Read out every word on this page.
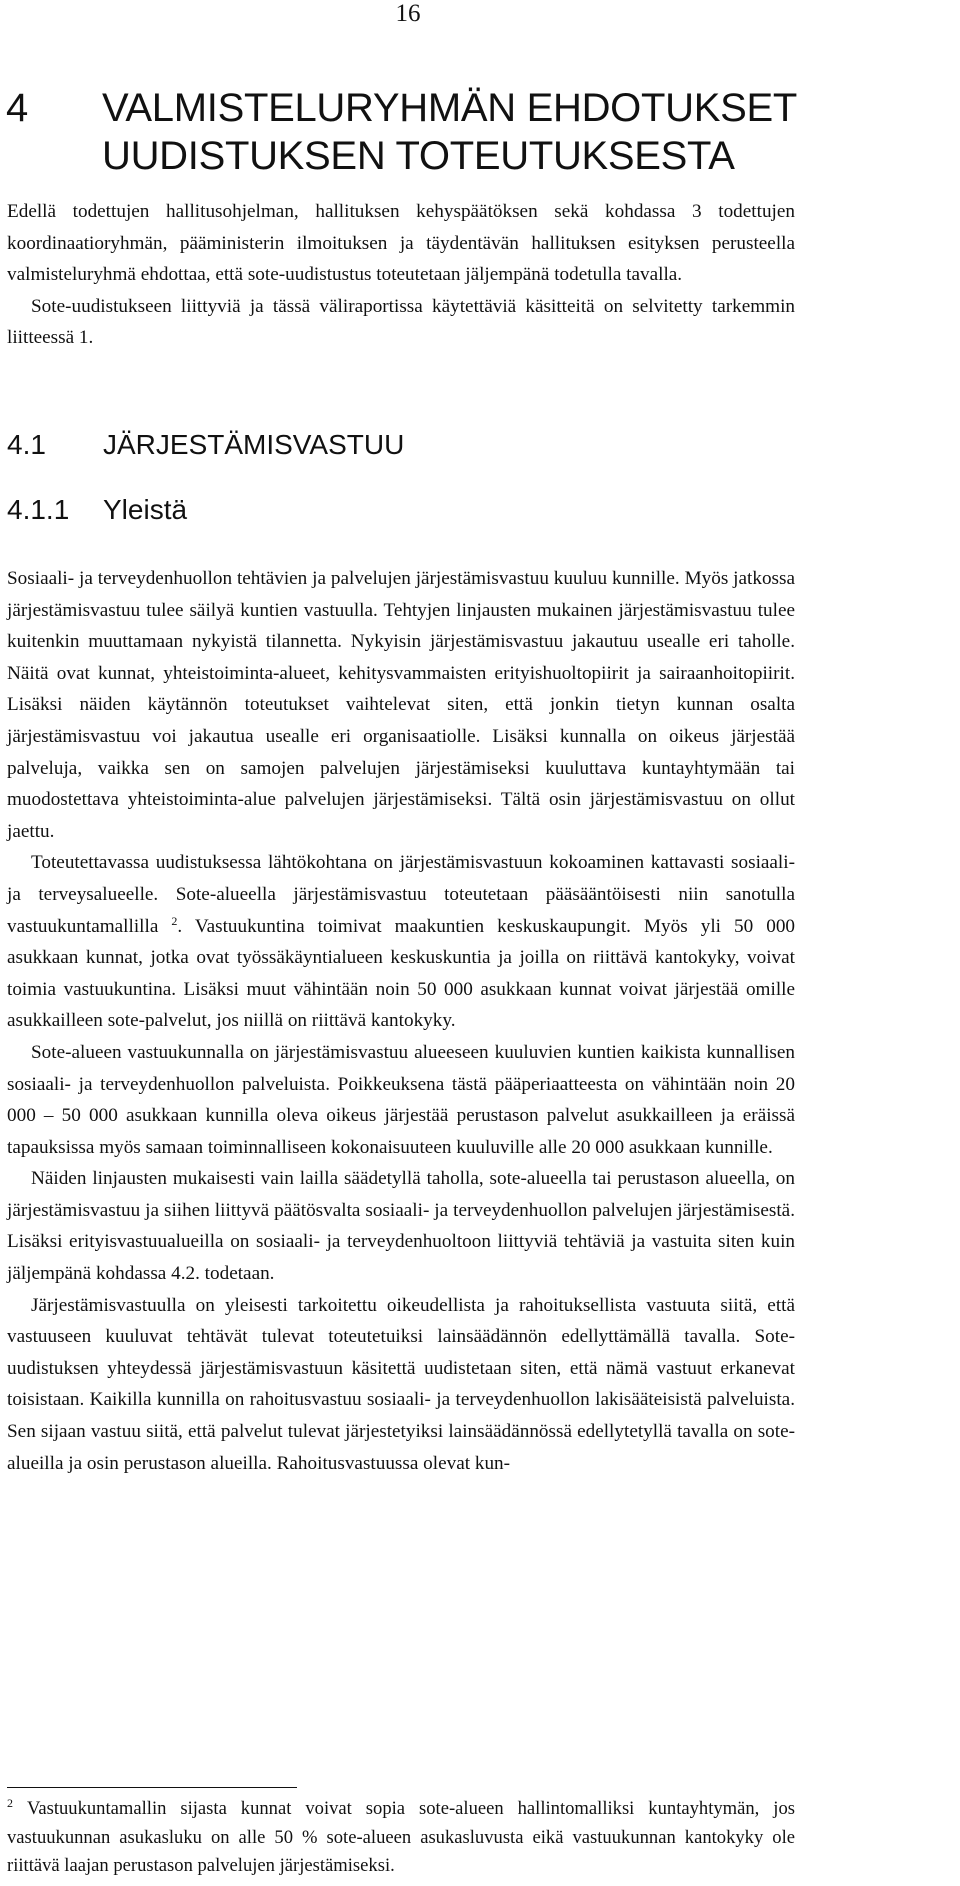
16
4 VALMISTELURYHMÄN EHDOTUKSET
UUDISTUKSEN TOTEUTUKSESTA

Edellä todettujen hallitusohjelman, hallituksen kehyspäätöksen sekä kohdassa 3 todettujen koordinaatioryhmän, pääministerin ilmoituksen ja täydentävän hallituksen esityksen perusteella valmisteluryhmä ehdottaa, että sote-uudistustus toteutetaan jäljempänä todetulla tavalla.

Sote-uudistukseen liittyviä ja tässä väliraportissa käytettäviä käsitteitä on selvitetty tarkemmin liitteessä 1.

4.1 JÄRJESTÄMISVASTUU
4.1.1 Yleistä

Sosiaali- ja terveydenhuollon tehtävien ja palvelujen järjestämisvastuu kuuluu kunnille. Myös jatkossa järjestämisvastuu tulee säilyä kuntien vastuulla. Tehtyjen linjausten mukainen järjestämisvastuu tulee kuitenkin muuttamaan nykyistä tilannetta. Nykyisin järjestämisvastuu jakautuu usealle eri taholle. Näitä ovat kunnat, yhteistoiminta-alueet, kehitysvammaisten erityishuoltopiirit ja sairaanhoitopiirit. Lisäksi näiden käytännön toteutukset vaihtelevat siten, että jonkin tietyn kunnan osalta järjestämisvastuu voi jakautua usealle eri organisaatiolle. Lisäksi kunnalla on oikeus järjestää palveluja, vaikka sen on samojen palvelujen järjestämiseksi kuuluttava kuntayhtymään tai muodostettava yhteistoiminta-alue palvelujen järjestämiseksi. Tältä osin järjestämisvastuu on ollut jaettu.

Toteutettavassa uudistuksessa lähtökohtana on järjestämisvastuun kokoaminen kattavasti sosiaali- ja terveysalueelle. Sote-alueella järjestämisvastuu toteutetaan pääsääntöisesti niin sanotulla vastuukuntamallilla $^2$. Vastuukuntina toimivat maakuntien keskuskaupungit. Myös yli 50 000 asukkaan kunnat, jotka ovat työssäkäyntialueen keskuskuntia ja joilla on riittävä kantokyky, voivat toimia vastuukuntina. Lisäksi muut vähintään noin 50 000 asukkaan kunnat voivat järjestää omille asukkailleen sote-palvelut, jos niillä on riittävä kantokyky.

Sote-alueen vastuukunnalla on järjestämisvastuu alueeseen kuuluvien kuntien kaikista kunnallisen sosiaali- ja terveydenhuollon palveluista. Poikkeuksena tästä pääperiaatteesta on vähintään noin 20 000 – 50 000 asukkaan kunnilla oleva oikeus järjestää perustason palvelut asukkailleen ja eräissä tapauksissa myös samaan toiminnalliseen kokonaisuuteen kuuluville alle 20 000 asukkaan kunnille.

Näiden linjausten mukaisesti vain laillа säädetyllä taholla, sote-alueella tai perustason alueella, on järjestämisvastuu ja siihen liittyvä päätösvalta sosiaali- ja terveydenhuollon palvelujen järjestämisestä. Lisäksi erityisvastuualueilla on sosiaali- ja terveydenhuoltoon liittyviä tehtäviä ja vastuita siten kuin jäljempänä kohdassa 4.2. todetaan.

Järjestämisvastuulla on yleisesti tarkoitettu oikeudellista ja rahoituksellista vastuuta siitä, että vastuuseen kuuluvat tehtävät tulevat toteutetuiksi lainsäädännön edellyttämällä tavalla. Sote-uudistuksen yhteydessä järjestämisvastuun käsitettä uudistetaan siten, että nämä vastuut erkanevat toisistaan. Kaikilla kunnilla on rahoitusvastuu sosiaali- ja terveydenhuollon lakisääteisistä palveluista. Sen sijaan vastuu siitä, että palvelut tulevat järjestetyiksi lainsäädännössä edellytetyllä tavalla on sote-alueilla ja osin perustason alueilla. Rahoitusvastuussa olevat kun-

$^2$ Vastuukuntamallin sijasta kunnat voivat sopia sote-alueen hallintomalliksi kuntayhtymän, jos vastuukunnan asukasluku on alle 50 % sote-alueen asukasluvusta eikä vastuukunnan kantokyky ole riittävä laajan perustason palvelujen järjestämiseksi.
